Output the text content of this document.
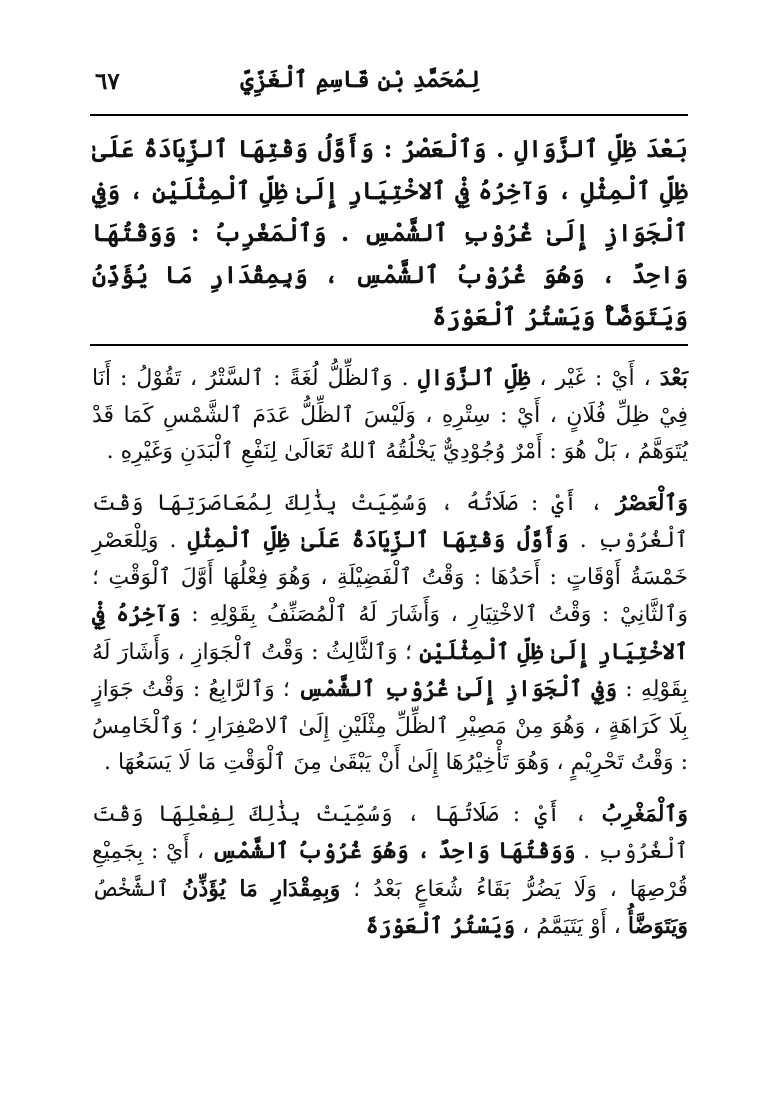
لِمُحَمَّدِ بْنِ قَاسِمِ ٱلْغَزِّيِّ
٦٧

بَعْدَ ظِلِّ ٱلزَّوَالِ . وَٱلْعَصْرُ : وَأَوَّلُ وَقْتِهَا ٱلزِّيَادَةُ عَلَىٰ ظِلِّ ٱلْمِثْلِ ، وَآخِرُهُ فِيْ ٱلاخْتِيَارِ إِلَىٰ ظِلِّ ٱلْمِثْلَيْنِ ، وَفِي ٱلْجَوَازِ إِلَىٰ غُرُوْبِ ٱلشَّمْسِ . وَٱلْمَغْرِبُ : وَوَقْتُهَا وَاحِدٌ ، وَهُوَ غُرُوْبُ ٱلشَّمْسِ ، وَبِمِقْدَارِ مَا يُؤَذِّنُ وَيَتَوَضَّأُ وَيَسْتُرُ ٱلْعَوْرَةَ

بَعْدَ ، أَيْ : غَيْر ، ظِلِّ ٱلزَّوَالِ . وَٱلظِّلُّ لُغَةً : ٱلسَّتْرُ ، تَقُوْلُ : أَنَا فِيْ ظِلِّ فُلَانٍ ، أَيْ : سِتْرِهِ ، وَلَيْسَ ٱلظِّلُّ عَدَمَ ٱلشَّمْسِ كَمَا قَدْ يُتَوَهَّمُ ، بَلْ هُوَ : أَمْرٌ وُجُوْدِيٌّ يَخْلُقُهُ ٱللهُ تَعَالَىٰ لِنَفْعِ ٱلْبَدَنِ وَغَيْرِهِ .

وَٱلْعَصْرُ ، أَيْ : صَلَاتُهُ ، وَسُمِّيَتْ بِذَٰلِكَ لِمُعَاصَرَتِهَا وَقْتَ ٱلْغُرُوْبِ . وَأَوَّلُ وَقْتِهَا ٱلزِّيَادَةُ عَلَىٰ ظِلِّ ٱلْمِثْلِ . وَلِلْعَصْرِ خَمْسَةُ أَوْقَاتٍ : أَحَدُهَا : وَقْتُ ٱلْفَضِيْلَةِ ، وَهُوَ فِعْلُهَا أَوَّلَ ٱلْوَقْتِ ؛ وَٱلثَّانِيْ : وَقْتُ ٱلاخْتِيَارِ ، وَأَشَارَ لَهُ ٱلْمُصَنِّفُ بِقَوْلِهِ : وَآخِرُهُ فِيْ ٱلاخْتِيَارِ إِلَىٰ ظِلِّ ٱلْمِثْلَيْنِ ؛ وَٱلثَّالِثُ : وَقْتُ ٱلْجَوَازِ ، وَأَشَارَ لَهُ بِقَوْلِهِ : وَفِي ٱلْجَوَازِ إِلَىٰ غُرُوْبِ ٱلشَّمْسِ ؛ وَٱلرَّابِعُ : وَقْتُ جَوَازٍ بِلَا كَرَاهَةٍ ، وَهُوَ مِنْ مَصِيْرِ ٱلظِّلِّ مِثْلَيْنِ إِلَىٰ ٱلاصْفِرَارِ ؛ وَٱلْخَامِسُ : وَقْتُ تَحْرِيْمٍ ، وَهُوَ تَأْخِيْرُهَا إِلَىٰ أَنْ يَبْقَىٰ مِنَ ٱلْوَقْتِ مَا لَا يَسَعُهَا .

وَٱلْمَغْرِبُ ، أَيْ : صَلَاتُهَا ، وَسُمِّيَتْ بِذَٰلِكَ لِفِعْلِهَا وَقْتَ ٱلْغُرُوْبِ . وَوَقْتُهَا وَاحِدٌ ، وَهُوَ غُرُوْبُ ٱلشَّمْسِ ، أَيْ : بِجَمِيْعِ قُرْصِهَا ، وَلَا يَضُرُّ بَقَاءُ شُعَاعٍ بَعْدُ ؛ وَبِمِقْدَارِ مَا يُؤَذِّنُ ٱلشَّخْصُ وَيَتَوَضَّأُ ، أَوْ يَتَيَمَّمُ ، وَيَسْتُرُ ٱلْعَوْرَةَ
